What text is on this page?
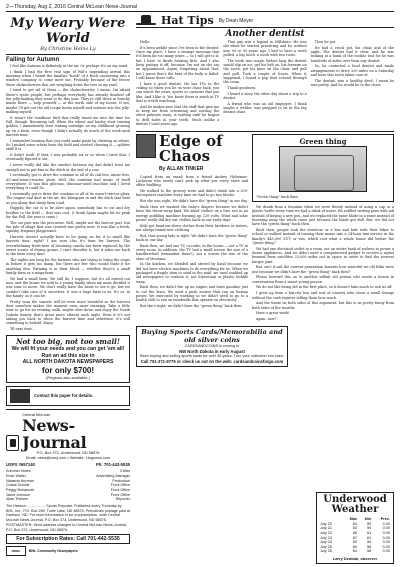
2—Thursday, Aug 2, 2016 Central McLean News-Journal
My Weary Were World
By Christine Heins Ly
Falling for Autumn
I feel like Autumn is definitely in the air. Or perhaps it's on my mind.
I think I had the first real sign of Fall's impending arrival this morning when I heard the familiar "honk" of a flock canvassing into a window company to come meet me. Probably because of the freeze there chokecherries that are weighing down the tree in my yard.
I tried to get rid of them — the chokecherries, I mean. I'm afraid there's spots people, but perhaps everybody has already finished off the jelly-making they want to do this year. They're still there in bunchy masts there — help yourself — at the north side of my house. If not, maybe I'll get out the old recipe books myself and venture into the jelly-making myself.
It wasn't the Sandhase bird that really tuned me into the time for Fall, though. Becoming tall. When the wheat and barley start turning golden, I immediately start waxing nostalgic on my childhood growing up on a farm, even though I didn't actually do much of the work until harvest time.
I remember hearing that you could make paste by chewing on wheat. So I picked some wheat from the field and started chewing it — splitter stuff it is.
It didn't work. If that, I was probably six or so when I tried that. I eventually figured it out.
I never really did like the smelter because my dad didn't trust me enough not to put him in the ditch at the end of a row.
I eventually got to drive the combine in all of its cab-less, music-less, AC-and-wasn't-tractor glory. Well, the combine had music of itself everywhere. It was this glorious, dinosaur-sized machine and I loved everything it could do.
I eventually got to drive the combine in all of its wasn't-tractor glory. The engine and dust in the air, the bluegrass in and the ditch that beat as you along that dusty farm road.
Happily, the car is to be alive again, somebody has to cut and dry brother to the field — that was cool. (I think Spam maybe hit its peak for the Fall, the year it came.)
The car part was the precursor. Well, maybe not the barrow part, but the pile of silage that was created was pretty neat. It was like a fresh, squishy, fragrant playground.
Harvest doesn't actually have to be going on for it to smell like harvest time, right? I am sure this it's time for harvest. The overwhelming fresh-ness of blooming canola has been replaced by the sweet scents of drying grains. I can't describe it, but it takes me back to the farm every time.
The nights are long for the farmers who are trying to bring the crops in before it gets too damp, but there are few who would trade it for anything else. Farming is in their blood — whether they're a small family farm or a mega-farm.
We had a small farm. We still do, I suppose, but it's all rented out now, and the house we sold to a young family when my mom decided it was time to move. We don't really have the heart to see it go, but we couldn't take care of it ourselves. It was a huge farm to us. It's as 'in the family' as it can be.
Pretty soon the sunsets will be even more beautiful as the harvest dust somehow makes the moment even more stunning. Take a little time to go for an evening walk, maybe slow down and enjoy the North Dakota beauty that's great more vibrant each night. Even if it's not taking you back to when the harvest time and otherwise, it's still something to behold. Enjoy.
Til next time...
Not too big, not too small!
We will fit your needs and you can get 'em all!
Run an ad this size in
ALL NORTH DAKOTA NEWSPAPERS
for only $700!
(Regions also available.)
Contact this paper for details.
Central McLean
News-Journal
P.O. Box 373, Underwood, ND 58576
Email: news@cmnj.com • Website: 1tngnews.com
USPS #657140	Ph: 701-442-5535
Summer Notes	Editor
Rose Waller	Advertising Manager
Natasha Norman	Production
Cristal Schultz	Front Office
Peggy Bohannah	Front Office
Janet Johnson	Front Office
Allan Thiesen	Reporter
Tim Hanson .................. Sports Reporter. Published every Thursday by BHL, Inc., P.O. Box 269, Turtle Lake, ND 58575. Periodicals postage paid at Garrison, ND. For more information or for a subscription, write Central McLean News-Journal, P.O. Box 373, Underwood, ND 58576. POSTMASTER: Send address changes to Central McLean News-Journal, P.O. Box 373, Underwood, ND 58576.
For Subscription Rates: Call 701-442-5535
NDNA	BHL Community Newspapers
Hat Tips By Dean Meyer
Another dentist
Hello.
It's been awhile since I've been to the dentist. Once my place, I have a strange message that it'd been far too many years — so I will get to it, but I have to finish hearing first. And I also keep putting it off, because I'm not on the say on appointment. Again, forgetting about that, but I guess that's the heat of the body is failed. I will know these calls.
I have a good dentist. He has TVs in the ceiling so when you lie on your chair back, you can watch the news, sports or cartoons that you like. And I like it. You know there is much in TV that is worth watching.
And he makes sure that the staff that give me to keep me from screaming and scaring the other patients away, is waiting until he begins to drill holes in your teeth. Much unlike a dentist I used years ago.
That guy was a legend in Hillsboro. He was old when he started practicing and he worked into 90 or 95 years ago. I had to have a tooth pulled, a big tooth, a tooth with two roots.
The tooth was rough. Before long the dentist would slip on ice, get his belt on, his forearm on the tooth, put his knee on the chair, and pull and pull. Took a couple of hours. When it happened, I heard a pop that echoed through the room.
Thank goodness.
I heard a story the other day about a trip to a dentist.
A friend who was an old employee, I think maybe a welder, was prepped to be in the big dentist chair.
Then he got.
He had a crock pot, his chair, and of the night. The dentist had it clear, and he was looking at a hunk of the toothie tool for he was hundreds of miles over from any dentist.
So, he contacted a local dentist and made arrangements to drive 200 miles on a Saturday and have this tooth taken care of.
The dentist, was a healthy devil. I mean he was pretty. And he would be in the chair.
Edge of Chaos
By ALLAN TINKER
Copied from an email from a friend Audrey Holzemer: Lutheran who rarely can't pick up what you every store and office building.
We walked to the grocery store and didn't climb into a 300-horsepower machine every time we had to go two blocks.
But she was right. We didn't have the "green thing" in our day.
Back then we washed the baby's diapers because we didn't have the throw-away kind. We dried clothes on a line, not in an energy gobbling machine burning up 220 volts. Wind and solar power really did dry our clothes back in our early days.
Kids got hand-me-down clothes from their brothers or sisters, not always brand-new clothing.
But, that young lady is right: We didn't have the "green thing" back in our day.
Back then, we had one TV, or radio, in the house — not a TV in every room. In addition, the TV had a small screen the size of a handkerchief (remember them?), not a screen the size of the state of Montana.
In the kitchen, we blended and stirred by hand because we did not have electric machines to do everything for us. When we packaged a fragile item to send in the mail, we used wadded up old newspapers to cushion it, not Styrofoam or plastic bubble wrap.
Back then, we didn't fire up an engine and burn gasoline just to cut the lawn. We used a push mower that ran on human power. We exercised by working so we didn't need to go to a health club to run on treadmills that operate on electricity.
But she's right; we didn't have the "green thing" back then.
Green thing
"Green thing" back then.
We drank from a fountain when we were thirsty instead of using a cup or a plastic bottle every time we had a drink of water. We refilled writing pens with ink instead of buying a new pen, and we replaced the razor blade in a razor instead of throwing away the whole razor just because the blade got dull. But, we did not have the "green thing" back then.
Back then, people took the streetcar or a bus and kids rode their bikes to school or walked instead of turning their moms into a 24-hour taxi service in the family's $45,000 SUV or van, which cost what a whole house did before the "green thing."
We had one electrical outlet in a room, not an entire bank of sockets to power a dozen appliances. And we didn't need a computerized gadget to receive a signal beamed from satellites 23,000 miles out in space in order to find the nearest burger joint.
But, isn't it sad the current generation laments how wasteful we old folks were just because we didn't have the "green thing" back then?
Please forward this on to another selfish old person who needs a lesson in conservation from a smart young person.
We do not like being old in the first place, so it doesn't take much to tick us off.
I grew up from a big-city boy and sort of country who chose a small change without the cash register telling them how much.
And the waste on both sides of this argument, but this is no pretty funny from both sides of the mouths.
Have a great week!
again, now?
Buying Sports Cards/Memorabilia and old silver coins
CARDSANDCOINS is coming to
NW North Dakota in early August
Been buying and selling sports cards for over 30 years. Turn your collection into cash.
Call 701-371-9779 or check us out on the web: cardsandcoinsfargo.com
Underwood Weather
	Max	Min	Prec.
July 20	84	59	0.00
July 21	83	59	0.00
July 22	86	61	0.00
July 23	87	61	0.00
July 24	80	56	0.00
July 25	80	58	0.00
July 26	84	58	0.00
Larry Dzubak, observer
